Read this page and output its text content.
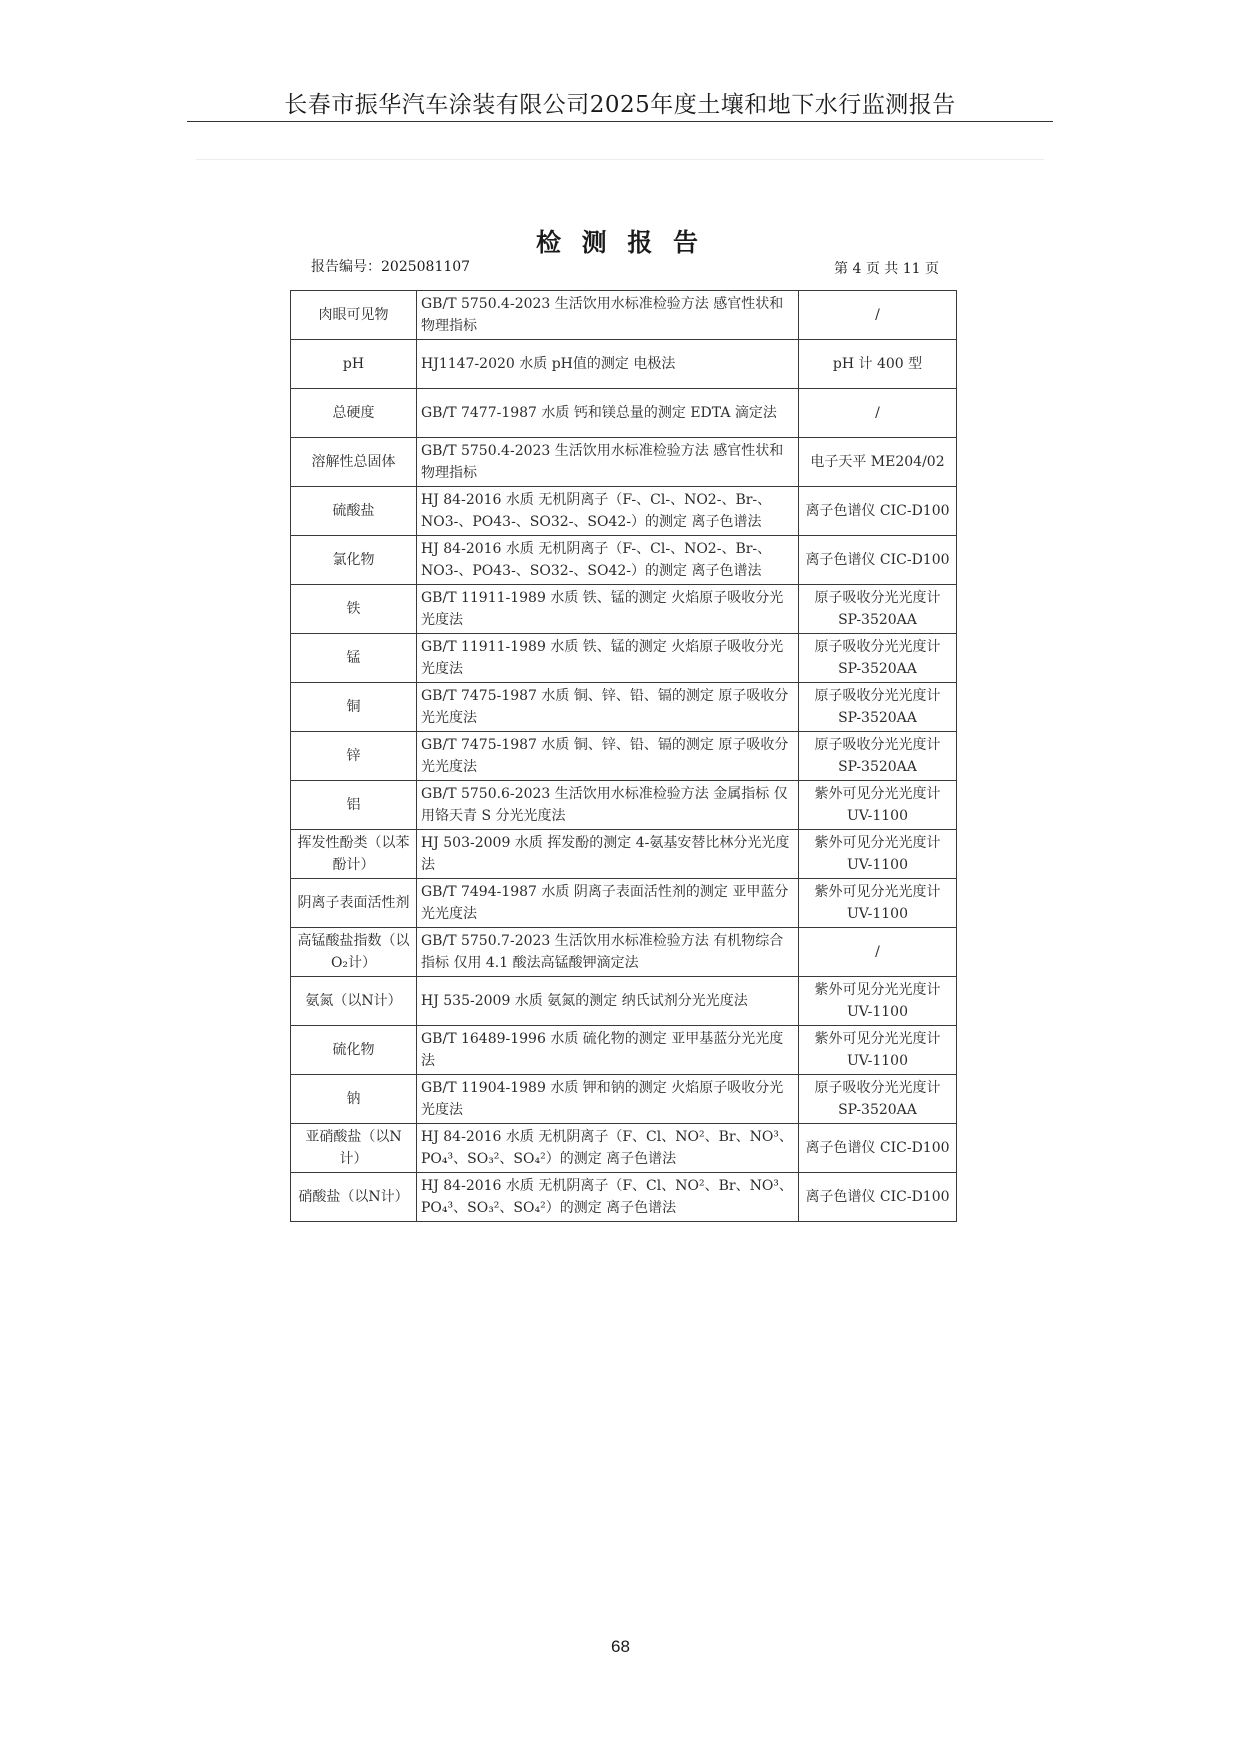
长春市振华汽车涂装有限公司2025年度土壤和地下水行监测报告
检 测 报 告
报告编号：2025081107	第 4 页 共 11 页
肉眼可见物	GB/T 5750.4-2023 生活饮用水标准检验方法 感官性状和物理指标	/
pH	HJ1147-2020 水质 pH值的测定 电极法	pH 计 400 型
总硬度	GB/T 7477-1987 水质 钙和镁总量的测定 EDTA 滴定法	/
溶解性总固体	GB/T 5750.4-2023 生活饮用水标准检验方法 感官性状和物理指标	电子天平 ME204/02
硫酸盐	HJ 84-2016 水质 无机阴离子（F-、Cl-、NO2-、Br-、NO3-、PO43-、SO32-、SO42-）的测定 离子色谱法	离子色谱仪 CIC-D100
氯化物	HJ 84-2016 水质 无机阴离子（F-、Cl-、NO2-、Br-、NO3-、PO43-、SO32-、SO42-）的测定 离子色谱法	离子色谱仪 CIC-D100
铁	GB/T 11911-1989 水质 铁、锰的测定 火焰原子吸收分光光度法	原子吸收分光光度计 SP-3520AA
锰	GB/T 11911-1989 水质 铁、锰的测定 火焰原子吸收分光光度法	原子吸收分光光度计 SP-3520AA
铜	GB/T 7475-1987 水质 铜、锌、铅、镉的测定 原子吸收分光光度法	原子吸收分光光度计 SP-3520AA
锌	GB/T 7475-1987 水质 铜、锌、铅、镉的测定 原子吸收分光光度法	原子吸收分光光度计 SP-3520AA
铝	GB/T 5750.6-2023 生活饮用水标准检验方法 金属指标 仅用铬天青 S 分光光度法	紫外可见分光光度计 UV-1100
挥发性酚类（以苯酚计）	HJ 503-2009 水质 挥发酚的测定 4-氨基安替比林分光光度法	紫外可见分光光度计 UV-1100
阴离子表面活性剂	GB/T 7494-1987 水质 阴离子表面活性剂的测定 亚甲蓝分光光度法	紫外可见分光光度计 UV-1100
高锰酸盐指数（以O₂计）	GB/T 5750.7-2023 生活饮用水标准检验方法 有机物综合指标 仅用 4.1 酸法高锰酸钾滴定法	/
氨氮（以N计）	HJ 535-2009 水质 氨氮的测定 纳氏试剂分光光度法	紫外可见分光光度计 UV-1100
硫化物	GB/T 16489-1996 水质 硫化物的测定 亚甲基蓝分光光度法	紫外可见分光光度计 UV-1100
钠	GB/T 11904-1989 水质 钾和钠的测定 火焰原子吸收分光光度法	原子吸收分光光度计 SP-3520AA
亚硝酸盐（以N计）	HJ 84-2016 水质 无机阴离子（F、Cl、NO²、Br、NO³、PO₄³、SO₃²、SO₄²）的测定 离子色谱法	离子色谱仪 CIC-D100
硝酸盐（以N计）	HJ 84-2016 水质 无机阴离子（F、Cl、NO²、Br、NO³、PO₄³、SO₃²、SO₄²）的测定 离子色谱法	离子色谱仪 CIC-D100
68
